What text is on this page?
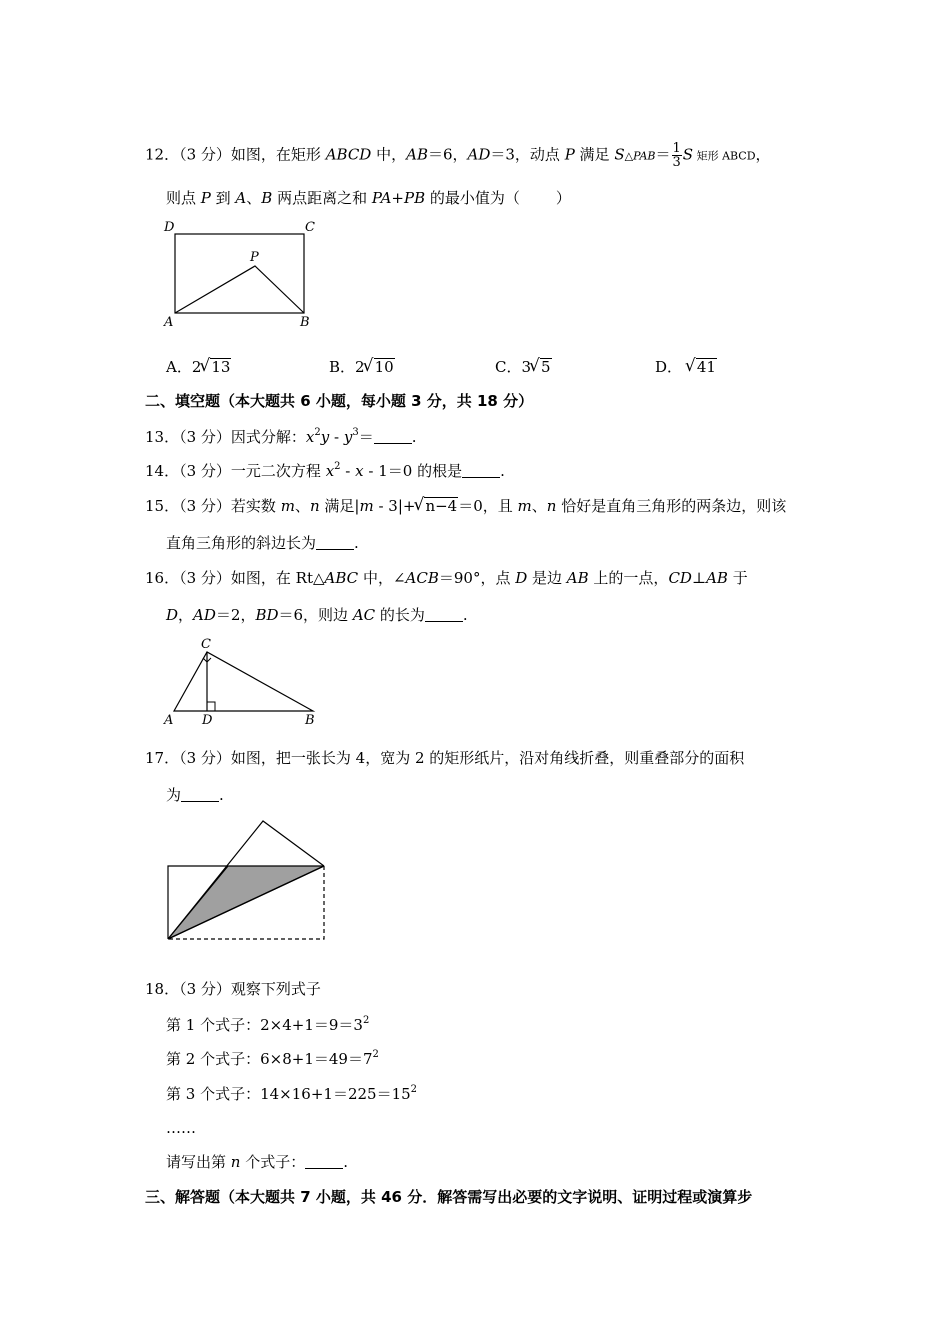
12．（3 分）如图，在矩形 ABCD 中，AB＝6，AD＝3，动点 P 满足 S△PAB＝ $\frac{1}{3}$ S 矩形 ABCD，
则点 P 到 A、B 两点距离之和 PA+PB 的最小值为（ ）
D	C
P
A	B
A．2 √ 13	B．2 √ 10	C．3 √ 5	D． √ 41
二、填空题（本大题共 6 小题，每小题 3 分，共 18 分）
13．（3 分）因式分解：$x^2y - y^3=$	.
14．（3 分）一元二次方程 $x^2 - x - 1=0$ 的根是	.
15．（3 分）若实数 m、n 满足|m - 3|+ √ n−4＝0，且 m、n 恰好是直角三角形的两条边，则该
直角三角形的斜边长为	.
16．（3 分）如图，在 Rt△ABC 中，∠ACB＝90°，点 D 是边 AB 上的一点，CD⊥AB 于
D，AD＝2，BD＝6，则边 AC 的长为	.
C
A D	B
17．（3 分）如图，把一张长为 4，宽为 2 的矩形纸片，沿对角线折叠，则重叠部分的面积
为	.
18．（3 分）观察下列式子
第 1 个式子：$2\times 4+1=9=3^2$
第 2 个式子：$6\times 8+1=49=7^2$
第 3 个式子：$14\times 16+1=225=15^2$
……
请写出第 n 个式子：	.
三、解答题（本大题共 7 小题，共 46 分．解答需写出必要的文字说明、证明过程或演算步
